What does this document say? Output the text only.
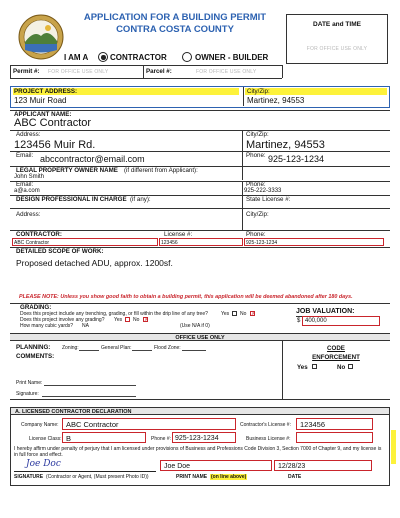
APPLICATION FOR A BUILDING PERMIT
CONTRA COSTA COUNTY	DATE and TIME
FOR OFFICE USE ONLY
I AM A	CONTRACTOR	OWNER - BUILDER
Permit #: FOR OFFICE USE ONLY	Parcel #:	FOR OFFICE USE ONLY
PROJECT ADDRESS:	City/Zip:
123 Muir Road	Martinez, 94553
APPLICANT NAME:
ABC Contractor
Address:	City/Zip:
123456 Muir Rd.	Martinez, 94553
Email: abccontractor@email.com	Phone: 925-123-1234
LEGAL PROPERTY OWNER NAME (if different from Applicant):
John Smith
Email:
a@a.com
Phone:
925-222-3333
DESIGN PROFESSIONAL IN CHARGE (if any):	State License #:
Address:	City/Zip:
CONTRACTOR:	License #:	Phone:
ABC Contractor	123456	925-123-1234
DETAILED SCOPE OF WORK:
Proposed detached ADU, approx. 1200sf.
PLEASE NOTE: Unless you show good faith to obtain a building permit, this application will be deemed abandoned after 180 days.
GRADING:
Does this project include any trenching, grading, or fill within the drip line of any tree?	Yes No X
Does this project involve any grading? Yes No X
How many cubic yards? NA	(Use N/A if 0)
JOB VALUATION:
$ 400,000
OFFICE USE ONLY
PLANNING: Zoning:	General Plan:	Flood Zone:
COMMENTS:
CODE
ENFORCEMENT
Yes	No
Print Name:
Signature:
A. LICENSED CONTRACTOR DECLARATION
Company Name: ABC Contractor	Contractor's License #: 123456
License Class: B	Phone #: 925-123-1234	Business License #:
I hereby affirm under penalty of perjury that I am licensed under provisions of Business and Professions Code Division 3, Section 7000 of Chapter 9, and my license is in full force and effect.
Joe Doc	Joe Doe	12/28/23
SIGNATURE (Contractor or Agent, (Must present Photo ID))	PRINT NAME (on line above)	DATE
